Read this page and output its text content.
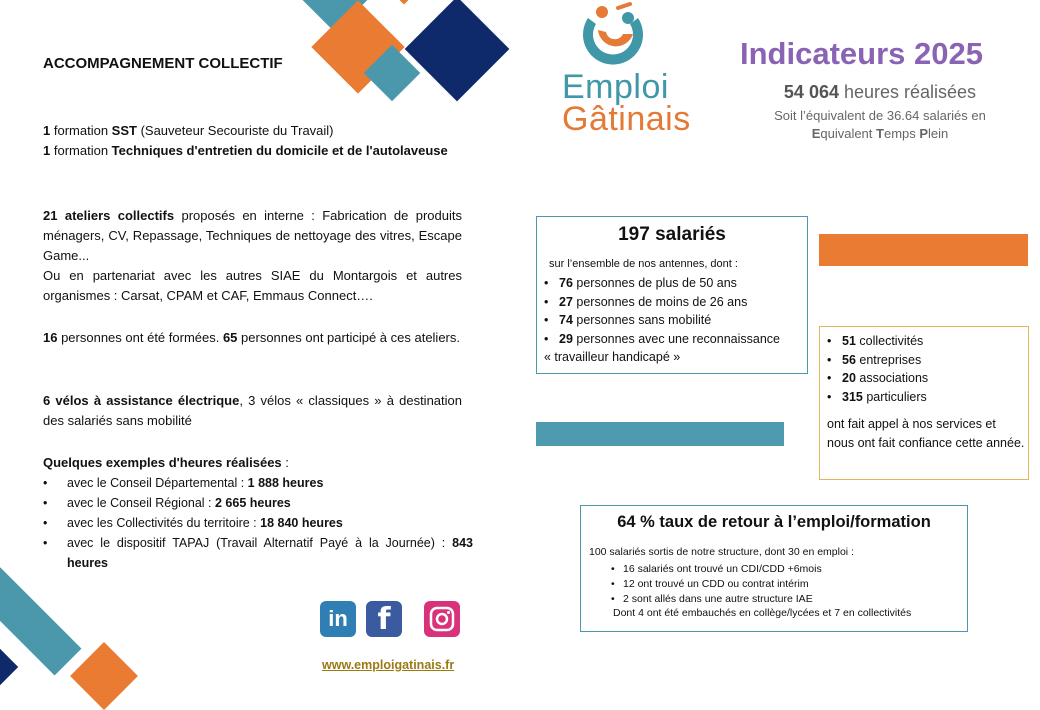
ACCOMPAGNEMENT COLLECTIF

1 formation SST (Sauveteur Secouriste du Travail)

1 formation Techniques d'entretien du domicile et de l'autolaveuse

21 ateliers collectifs proposés en interne : Fabrication de produits ménagers, CV, Repassage, Techniques de nettoyage des vitres, Escape Game...

Ou en partenariat avec les autres SIAE du Montargois et autres organismes : Carsat, CPAM et CAF, Emmaus Connect….

16 personnes ont été formées. 65 personnes ont participé à ces ateliers.

6 vélos à assistance électrique, 3 vélos « classiques » à destination des salariés sans mobilité

Quelques exemples d'heures réalisées :

•	avec le Conseil Départemental : 1 888 heures
•	avec le Conseil Régional : 2 665 heures
•	avec les Collectivités du territoire : 18 840 heures
•	avec le dispositif TAPAJ (Travail Alternatif Payé à la Journée) : 843 heures
in f
www.emploigatinais.fr
Emploi
Gâtinais
Indicateurs 2025
54 064 heures réalisées
Soit l’équivalent de 36.64 salariés en
Equivalent Temps Plein
197 salariés
sur l’ensemble de nos antennes, dont :
• 76 personnes de plus de 50 ans
• 27 personnes de moins de 26 ans
• 74 personnes sans mobilité
• 29 personnes avec une reconnaissance
« travailleur handicapé »
• 51 collectivités
• 56 entreprises
• 20 associations
• 315 particuliers
ont fait appel à nos services et nous ont fait confiance cette année.
64 % taux de retour à l’emploi/formation
100 salariés sortis de notre structure, dont 30 en emploi :
• 16 salariés ont trouvé un CDI/CDD +6mois
• 12 ont trouvé un CDD ou contrat intérim
• 2 sont allés dans une autre structure IAE
Dont 4 ont été embauchés en collège/lycées et 7 en collectivités
